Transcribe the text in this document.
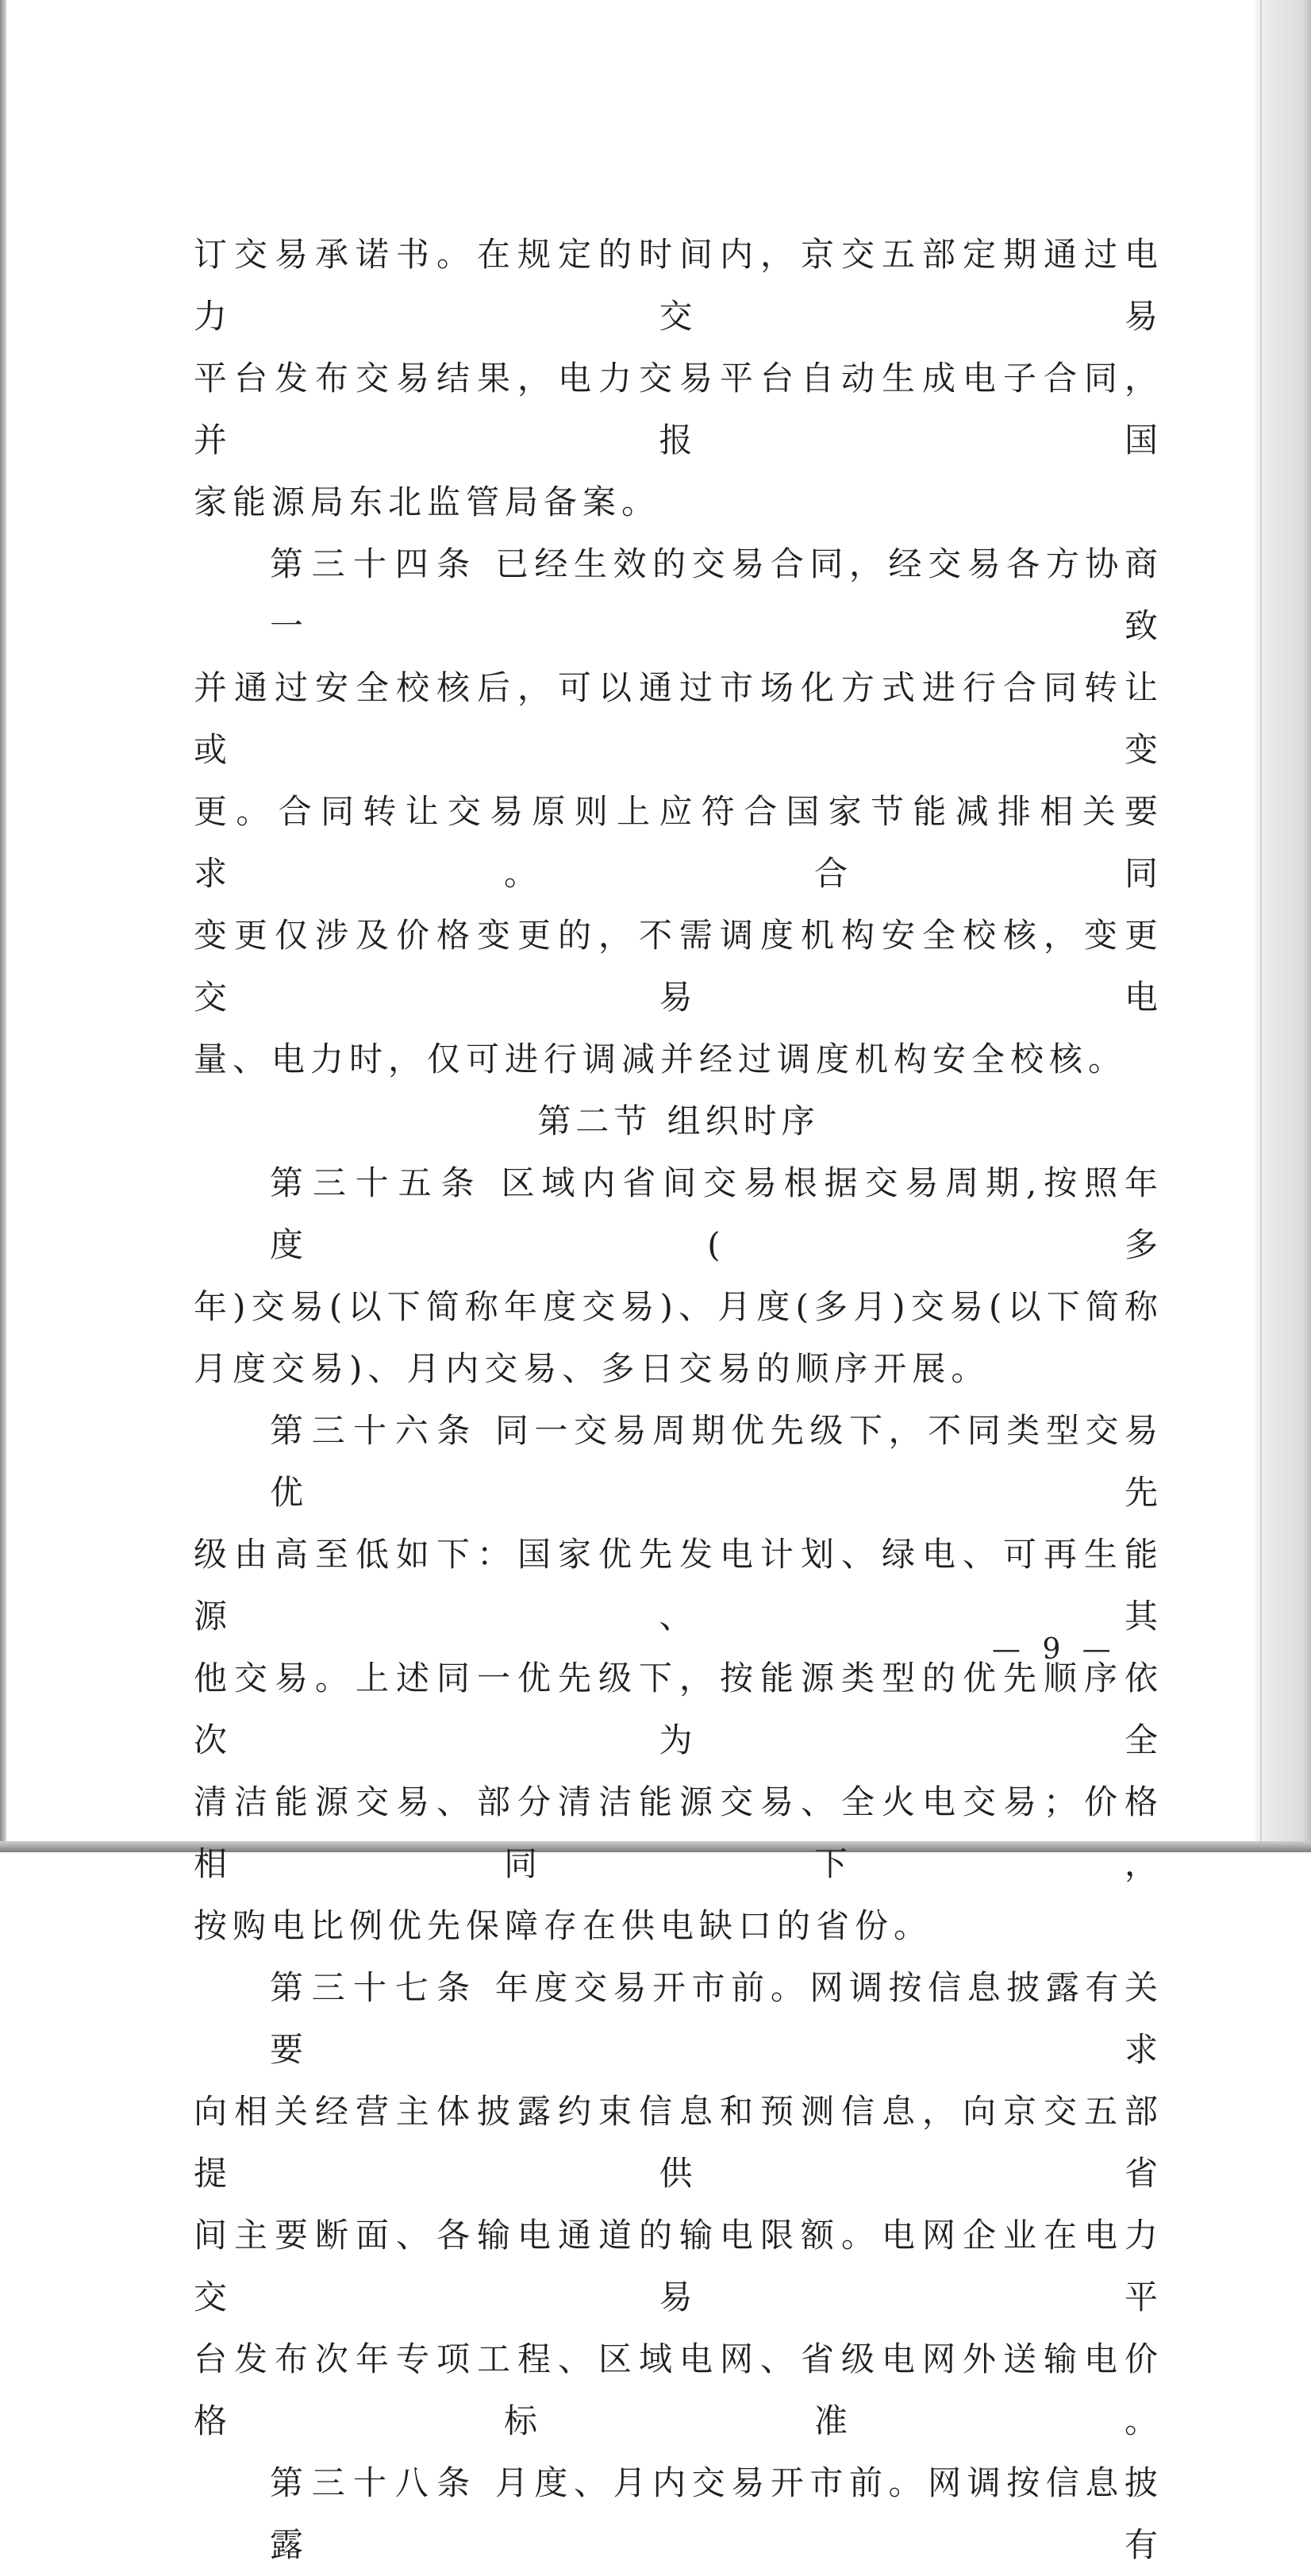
订交易承诺书。在规定的时间内，京交五部定期通过电力交易

平台发布交易结果，电力交易平台自动生成电子合同，并报国

家能源局东北监管局备案。

第三十四条 已经生效的交易合同，经交易各方协商一致

并通过安全校核后，可以通过市场化方式进行合同转让或变

更。合同转让交易原则上应符合国家节能减排相关要求。合同

变更仅涉及价格变更的，不需调度机构安全校核，变更交易电

量、电力时，仅可进行调减并经过调度机构安全校核。

第二节 组织时序

第三十五条 区域内省间交易根据交易周期,按照年度(多

年)交易(以下简称年度交易)、月度(多月)交易(以下简称

月度交易)、月内交易、多日交易的顺序开展。

第三十六条 同一交易周期优先级下，不同类型交易优先

级由高至低如下：国家优先发电计划、绿电、可再生能源、其

他交易。上述同一优先级下，按能源类型的优先顺序依次为全

清洁能源交易、部分清洁能源交易、全火电交易；价格相同下，

按购电比例优先保障存在供电缺口的省份。

第三十七条 年度交易开市前。网调按信息披露有关要求

向相关经营主体披露约束信息和预测信息，向京交五部提供省

间主要断面、各输电通道的输电限额。电网企业在电力交易平

台发布次年专项工程、区域电网、省级电网外送输电价格标准。

第三十八条 月度、月内交易开市前。网调按信息披露有

— 9 —
